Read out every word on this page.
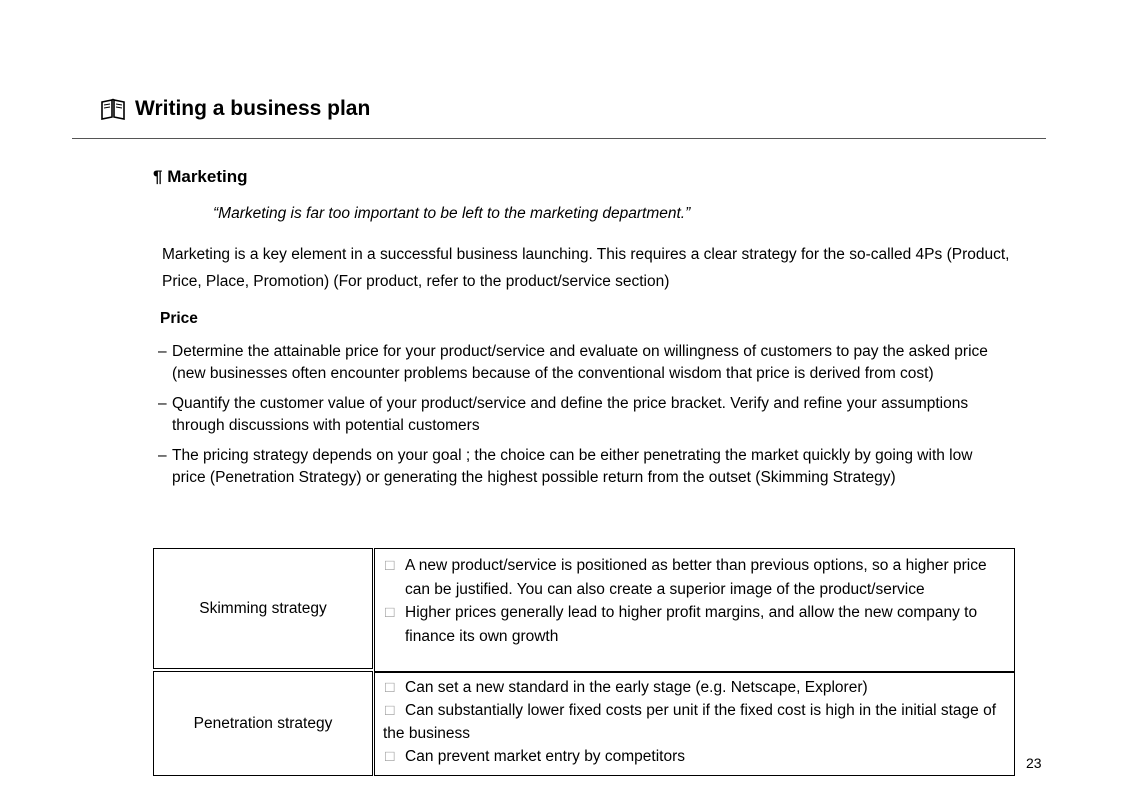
Writing a business plan
¶ Marketing
“Marketing is far too important to be left to the marketing department.”
Marketing is a key element in a successful business launching. This requires a clear strategy for the so-called 4Ps (Product, Price, Place, Promotion) (For product, refer to the product/service section)
Price
– Determine the attainable price for your product/service and evaluate on willingness of customers to pay the asked price (new businesses often encounter problems because of the conventional wisdom that price is derived from cost)
– Quantify the customer value of your product/service and define the price bracket. Verify and refine your assumptions through discussions with potential customers
– The pricing strategy depends on your goal ; the choice can be either penetrating the market quickly by going with low price (Penetration Strategy) or generating the highest possible return from the outset (Skimming Strategy)
Skimming strategy
□ A new product/service is positioned as better than previous options, so a higher price can be justified. You can also create a superior image of the product/service
□ Higher prices generally lead to higher profit margins, and allow the new company to finance its own growth
Penetration strategy
□ Can set a new standard in the early stage (e.g. Netscape, Explorer)
□ Can substantially lower fixed costs per unit if the fixed cost is high in the initial stage of the business
□ Can prevent market entry by competitors	23
